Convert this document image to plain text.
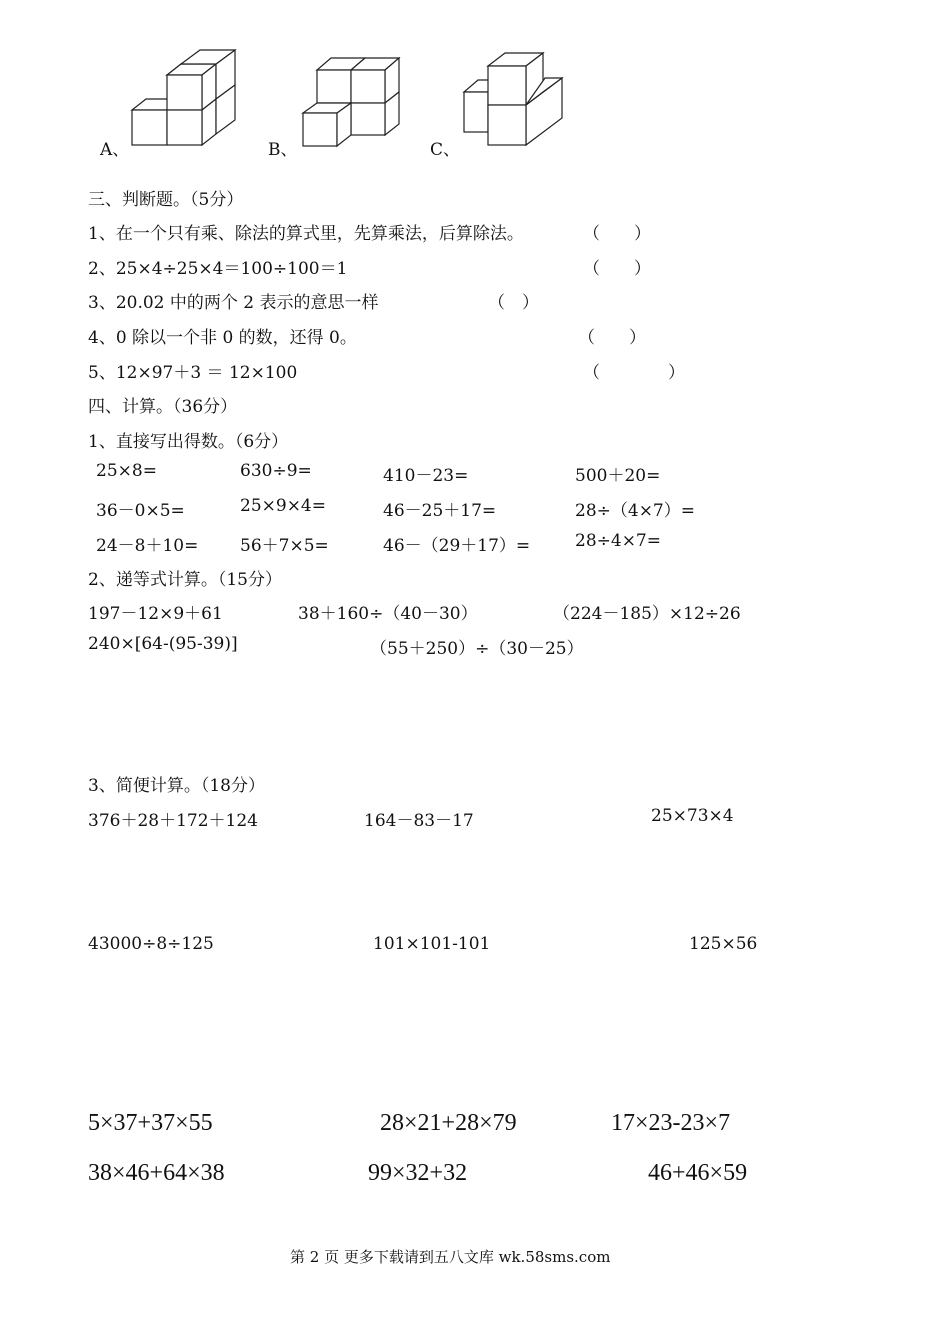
A、	B、	C、
三、判断题。（5分）
1、在一个只有乘、除法的算式里，先算乘法，后算除法。	（　　）
2、25×4÷25×4＝100÷100＝1	（　　）
3、20.02 中的两个 2 表示的意思一样	（　）
4、0 除以一个非 0 的数，还得 0。	（　　）
5、12×97＋3 ＝ 12×100	（　　　　）
四、计算。（36分）
1、直接写出得数。（6分）
25×8=	630÷9=	410－23=	500＋20=
36－0×5=	25×9×4=	46－25＋17=	28÷（4×7）=
24－8＋10= 56＋7×5=	46－（29＋17）=	28÷4×7=
2、递等式计算。（15分）
197－12×9＋61	38＋160÷（40－30）	（224－185）×12÷26
240×[64-(95-39)]	（55＋250）÷（30－25）
3、简便计算。（18分）
376＋28＋172＋124	164－83－17	25×73×4
43000÷8÷125	101×101-101	125×56
5×37+37×55	28×21+28×79	17×23-23×7
38×46+64×38	99×32+32	46+46×59
第 2 页 更多下载请到五八文库 wk.58sms.com
